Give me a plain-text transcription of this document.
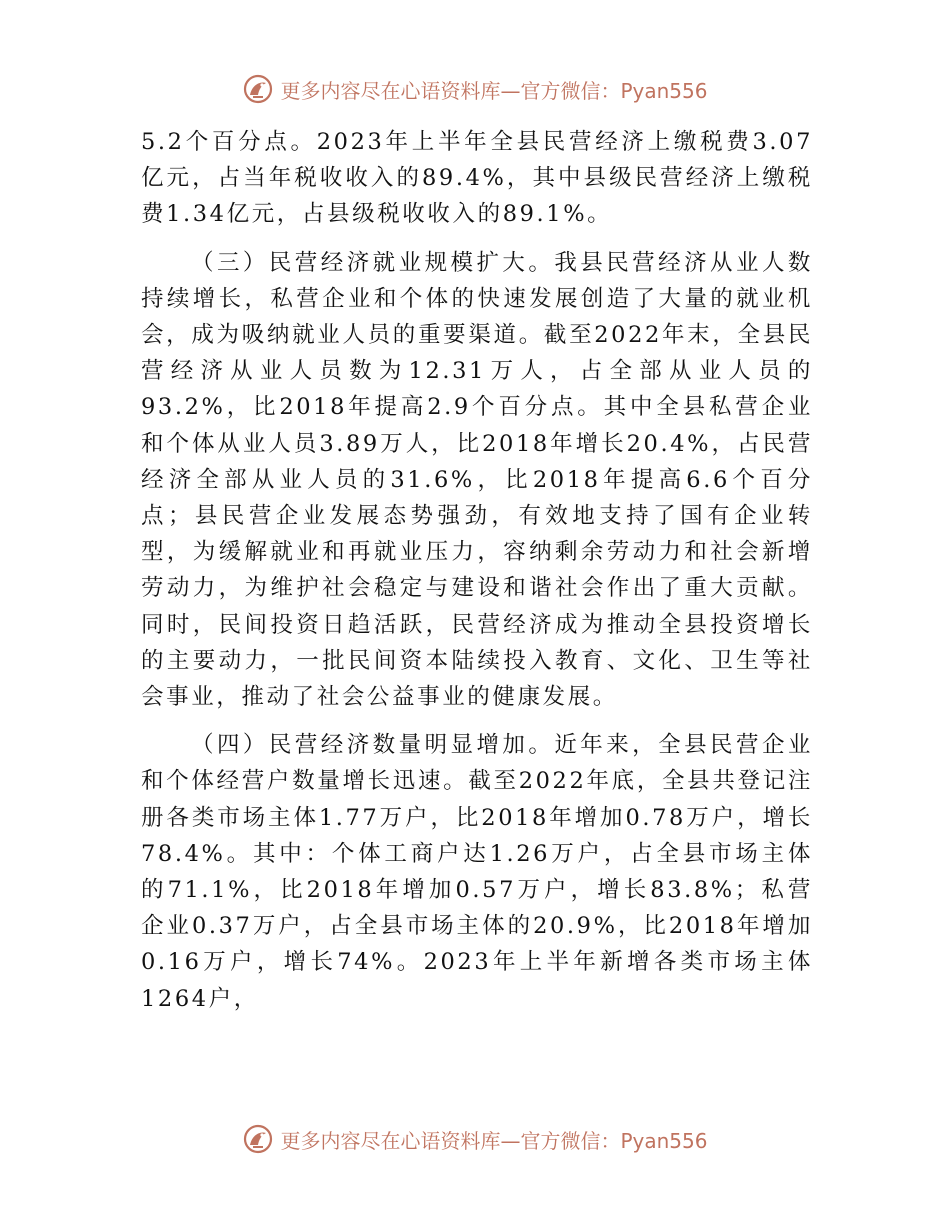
更多内容尽在心语资料库—官方微信：Pyan556

5.2个百分点。2023年上半年全县民营经济上缴税费3.07亿元，占当年税收收入的89.4%，其中县级民营经济上缴税费1.34亿元，占县级税收收入的89.1%。

（三）民营经济就业规模扩大。我县民营经济从业人数持续增长，私营企业和个体的快速发展创造了大量的就业机会，成为吸纳就业人员的重要渠道。截至2022年末，全县民营经济从业人员数为12.31万人，占全部从业人员的93.2%，比2018年提高2.9个百分点。其中全县私营企业和个体从业人员3.89万人，比2018年增长20.4%，占民营经济全部从业人员的31.6%，比2018年提高6.6个百分点；县民营企业发展态势强劲，有效地支持了国有企业转型，为缓解就业和再就业压力，容纳剩余劳动力和社会新增劳动力，为维护社会稳定与建设和谐社会作出了重大贡献。同时，民间投资日趋活跃，民营经济成为推动全县投资增长的主要动力，一批民间资本陆续投入教育、文化、卫生等社会事业，推动了社会公益事业的健康发展。

（四）民营经济数量明显增加。近年来，全县民营企业和个体经营户数量增长迅速。截至2022年底，全县共登记注册各类市场主体1.77万户，比2018年增加0.78万户，增长78.4%。其中：个体工商户达1.26万户，占全县市场主体的71.1%，比2018年增加0.57万户，增长83.8%；私营企业0.37万户，占全县市场主体的20.9%，比2018年增加0.16万户，增长74%。2023年上半年新增各类市场主体1264户，

更多内容尽在心语资料库—官方微信：Pyan556
